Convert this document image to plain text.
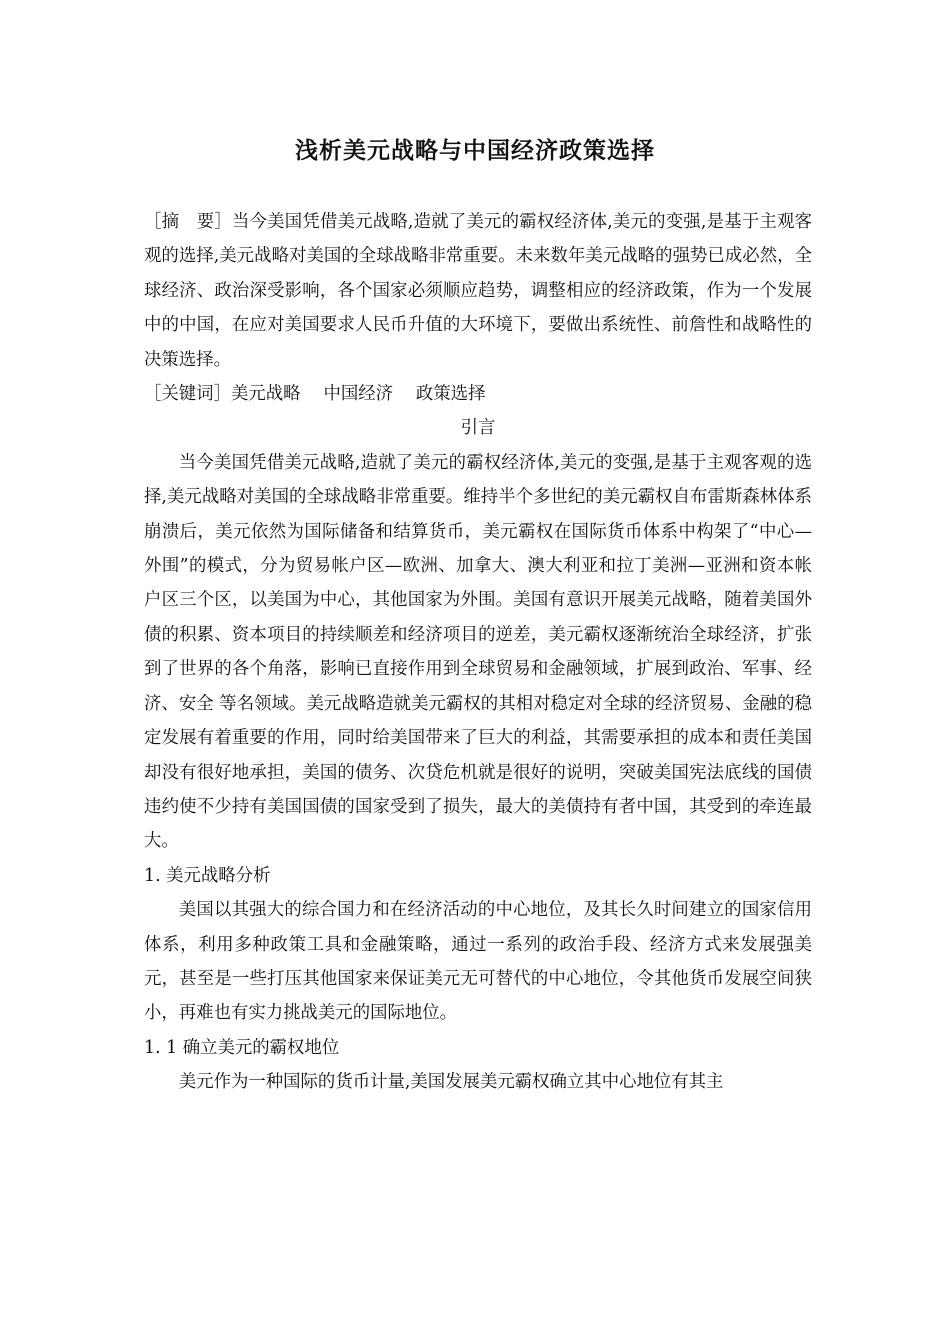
浅析美元战略与中国经济政策选择

［摘　要］当今美国凭借美元战略,造就了美元的霸权经济体,美元的变强,是基于主观客观的选择,美元战略对美国的全球战略非常重要。未来数年美元战略的强势已成必然，全球经济、政治深受影响，各个国家必须顺应趋势，调整相应的经济政策，作为一个发展中的中国，在应对美国要求人民币升值的大环境下，要做出系统性、前詹性和战略性的决策选择。

［关键词］美元战略　 中国经济　 政策选择

引言

当今美国凭借美元战略,造就了美元的霸权经济体,美元的变强,是基于主观客观的选择,美元战略对美国的全球战略非常重要。维持半个多世纪的美元霸权自布雷斯森林体系崩溃后，美元依然为国际储备和结算货币，美元霸权在国际货币体系中构架了“中心—外围”的模式，分为贸易帐户区—欧洲、加拿大、澳大利亚和拉丁美洲—亚洲和资本帐户区三个区，以美国为中心，其他国家为外围。美国有意识开展美元战略，随着美国外债的积累、资本项目的持续顺差和经济项目的逆差，美元霸权逐渐统治全球经济，扩张到了世界的各个角落，影响已直接作用到全球贸易和金融领域，扩展到政治、军事、经济、安全 等名领域。美元战略造就美元霸权的其相对稳定对全球的经济贸易、金融的稳定发展有着重要的作用，同时给美国带来了巨大的利益，其需要承担的成本和责任美国却没有很好地承担，美国的债务、次贷危机就是很好的说明，突破美国宪法底线的国债违约使不少持有美国国债的国家受到了损失，最大的美债持有者中国，其受到的牵连最大。

1. 美元战略分析

美国以其强大的综合国力和在经济活动的中心地位，及其长久时间建立的国家信用体系，利用多种政策工具和金融策略，通过一系列的政治手段、经济方式来发展强美元，甚至是一些打压其他国家来保证美元无可替代的中心地位，令其他货币发展空间狭小，再难也有实力挑战美元的国际地位。

1. 1 确立美元的霸权地位

美元作为一种国际的货币计量,美国发展美元霸权确立其中心地位有其主
